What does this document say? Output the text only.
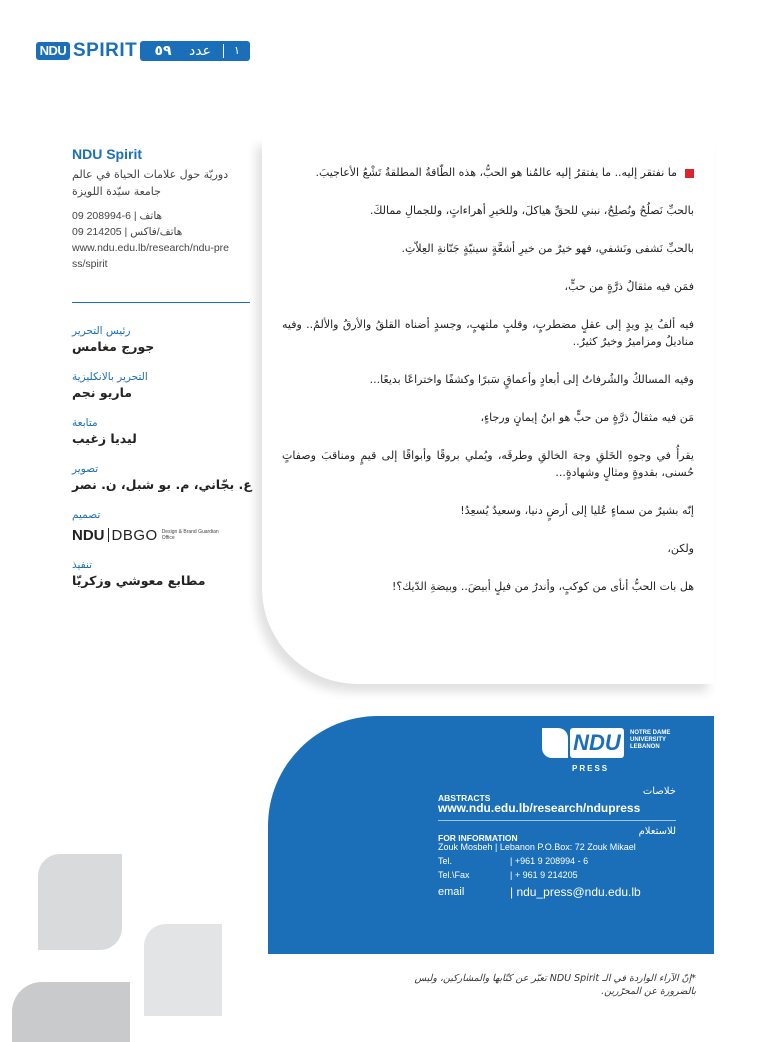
NDU SPIRIT	٥٩	عدد	١
NDU Spirit
دوريّة حول علامات الحياة في عالم جامعة سيّدة اللويزة
09 208994-6 | هاتف
09 214205 | هاتف/فاكس
www.ndu.edu.lb/research/ndu-press/spirit
رئيس التحرير
جورج مغامس
التحرير بالانكليزية
ماريو نجم
متابعة
ليديا زغيب
تصوير
ع. بجّاني، م. بو شبل، ن. نصر
تصميم
NDU DBGO Design & Brand Guardian Office
تنفيذ
مطابع معوشي وزكريّا

ما نفتقر إليه.. ما يفتقرُ إليه عالمُنا هو الحبُّ، هذه الطّاقةُ المطلقةُ تَشْعُ الأعاجيبَ.

بالحبِّ نَصلُحُ ونُصلِحُ، نبني للحقِّ هياكلَ، وللخيرِ أهراءاتٍ، وللجمالِ ممالكَ.

بالحبِّ نَشفى ونَشفي، فهو خيرٌ من خيرِ أشعَّةٍ سينيّةٍ جَنّانةِ العِلاّتِ.

فمَن فيه مثقالُ ذرَّةٍ من حبٍّ،

فيه ألفُ يدٍ ويدٍ إلى عقلٍ مضطربٍ، وقلبٍ ملتهبٍ، وجسدٍ أضناه القلقُ والأرقُ والألمُ.. وفيه مناديلُ ومزاميرُ وخيرٌ كثيرٌ..

وفيه المسالكُ والشُرفاتُ إلى أبعادٍ وأعماقٍ سَبرًا وكشفًا واختراعًا بديعًا...

مَن فيه مثقالُ ذرَّةٍ من حبٍّ هو ابنُ إيمانٍ ورجاءٍ،

يقرأُ في وجوهِ الخَلقِ وجهَ الخالقِ وطرقَه، ويُملي بروقًا وأبواقًا إلى قيمٍ ومناقبَ وصفاتٍ حُسنى، بقدوةٍ ومثالٍ وشهادةٍ...

إنّه بشيرٌ من سماءٍ عُليا إلى أرضٍ دنيا، وسعيدٌ يُسعِدُ!

ولكن،

هل بات الحبُّ أنأى من كوكبٍ، وأندرُ من فيلٍ أبيضَ.. وبيضةِ الدّيك؟!

NDU	NOTRE DAME UNIVERSITY
LEBANON
PRESS
ABSTRACTS
خلاصات
www.ndu.edu.lb/research/ndupress
FOR INFORMATION
للاستعلام
Zouk Mosbeh | Lebanon P.O.Box: 72 Zouk Mikael
Tel.	| +961 9 208994 - 6
Tel.\Fax	| + 961 9 214205
email	| ndu_press@ndu.edu.lb
*إنّ الآراء الواردة في الـ NDU Spirit تعبّر عن كتّابها والمشاركين، وليس بالضرورة عن المحرّرين.
